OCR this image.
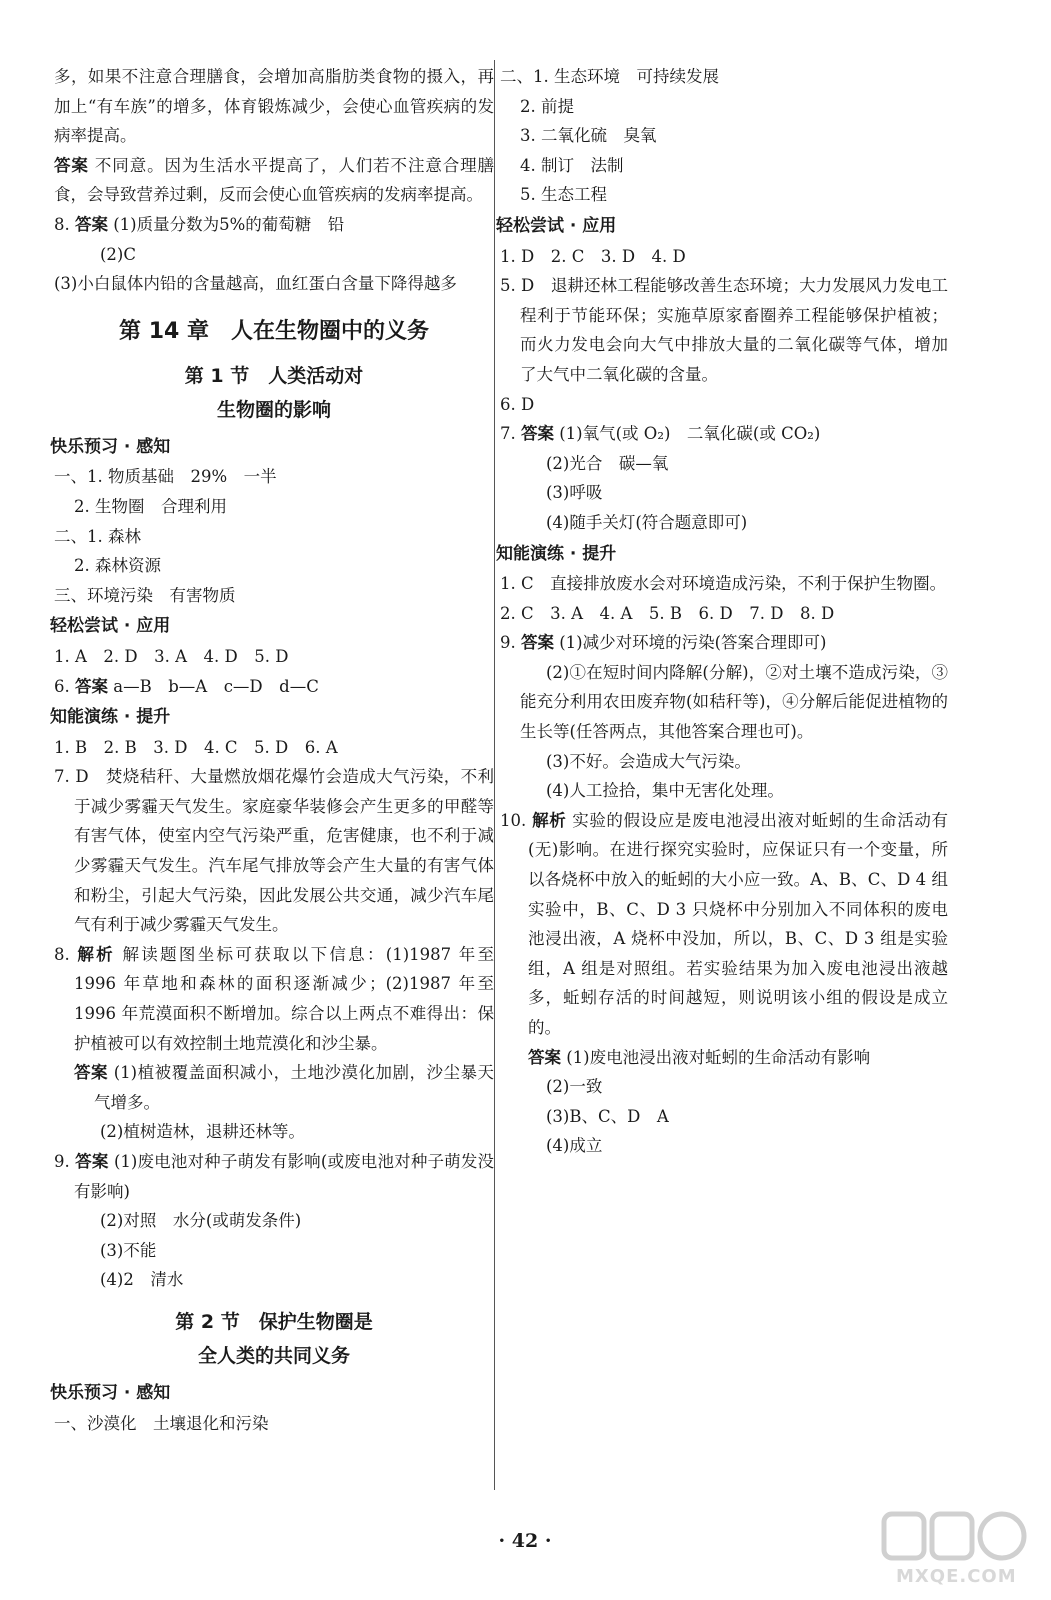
多，如果不注意合理膳食，会增加高脂肪类食物的摄入，再加上“有车族”的增多，体育锻炼减少，会使心血管疾病的发病率提高。

答案 不同意。因为生活水平提高了，人们若不注意合理膳食，会导致营养过剩，反而会使心血管疾病的发病率提高。

8. 答案 (1)质量分数为5%的葡萄糖　铅

(2)C

(3)小白鼠体内铅的含量越高，血红蛋白含量下降得越多

第 14 章　人在生物圈中的义务
第 1 节　人类活动对
生物圈的影响
快乐预习 · 感知

一、1. 物质基础　29%　一半

2. 生物圈　合理利用

二、1. 森林

2. 森林资源

三、环境污染　有害物质

轻松尝试 · 应用

1. A　2. D　3. A　4. D　5. D

6. 答案 a—B　b—A　c—D　d—C

知能演练 · 提升

1. B　2. B　3. D　4. C　5. D　6. A

7. D　焚烧秸秆、大量燃放烟花爆竹会造成大气污染，不利于减少雾霾天气发生。家庭豪华装修会产生更多的甲醛等有害气体，使室内空气污染严重，危害健康，也不利于减少雾霾天气发生。汽车尾气排放等会产生大量的有害气体和粉尘，引起大气污染，因此发展公共交通，减少汽车尾气有利于减少雾霾天气发生。

8. 解析 解读题图坐标可获取以下信息：(1)1987 年至 1996 年草地和森林的面积逐渐减少；(2)1987 年至 1996 年荒漠面积不断增加。综合以上两点不难得出：保护植被可以有效控制土地荒漠化和沙尘暴。

答案 (1)植被覆盖面积减小，土地沙漠化加剧，沙尘暴天气增多。

(2)植树造林，退耕还林等。

9. 答案 (1)废电池对种子萌发有影响(或废电池对种子萌发没有影响)

(2)对照　水分(或萌发条件)

(3)不能

(4)2　清水

第 2 节　保护生物圈是
全人类的共同义务
快乐预习 · 感知

一、沙漠化　土壤退化和污染

二、1. 生态环境　可持续发展

2. 前提

3. 二氧化硫　臭氧

4. 制订　法制

5. 生态工程

轻松尝试 · 应用

1. D　2. C　3. D　4. D

5. D　退耕还林工程能够改善生态环境；大力发展风力发电工程利于节能环保；实施草原家畜圈养工程能够保护植被；而火力发电会向大气中排放大量的二氧化碳等气体，增加了大气中二氧化碳的含量。

6. D

7. 答案 (1)氧气(或 O₂)　二氧化碳(或 CO₂)

(2)光合　碳—氧

(3)呼吸

(4)随手关灯(符合题意即可)

知能演练 · 提升

1. C　直接排放废水会对环境造成污染，不利于保护生物圈。

2. C　3. A　4. A　5. B　6. D　7. D　8. D

9. 答案 (1)减少对环境的污染(答案合理即可)

(2)①在短时间内降解(分解)，②对土壤不造成污染，③能充分利用农田废弃物(如秸秆等)，④分解后能促进植物的生长等(任答两点，其他答案合理也可)。

(3)不好。会造成大气污染。

(4)人工捡拾，集中无害化处理。

10. 解析 实验的假设应是废电池浸出液对蚯蚓的生命活动有(无)影响。在进行探究实验时，应保证只有一个变量，所以各烧杯中放入的蚯蚓的大小应一致。A、B、C、D 4 组实验中，B、C、D 3 只烧杯中分别加入不同体积的废电池浸出液，A 烧杯中没加，所以，B、C、D 3 组是实验组，A 组是对照组。若实验结果为加入废电池浸出液越多，蚯蚓存活的时间越短，则说明该小组的假设是成立的。

答案 (1)废电池浸出液对蚯蚓的生命活动有影响

(2)一致

(3)B、C、D　A

(4)成立

· 42 ·
MXQE.COM
